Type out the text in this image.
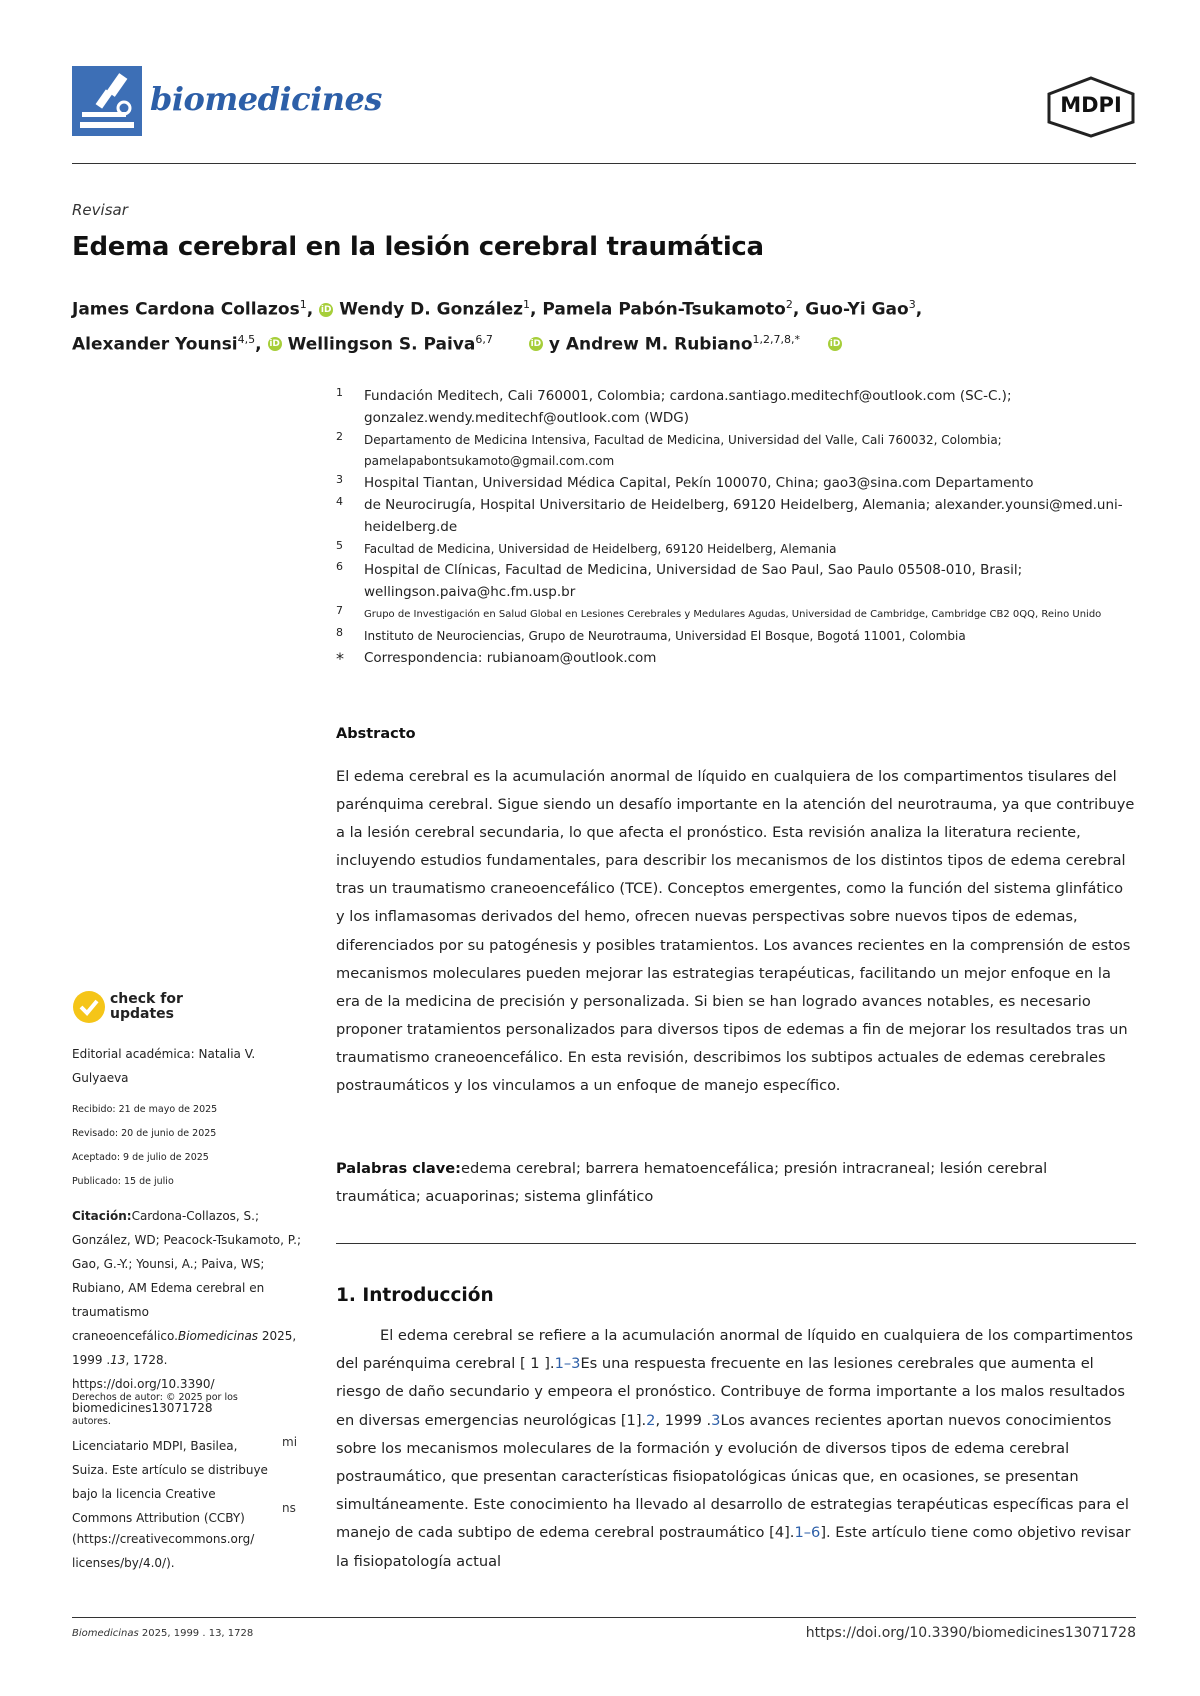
biomedicines	MDPI
Revisar
Edema cerebral en la lesión cerebral traumática
James Cardona Collazos$^1$, iD Wendy D. González$^1$, Pamela Pabón-Tsukamoto$^2$, Guo-Yi Gao$^3$,
Alexander Younsi$^{4,5}$, iD Wellingson S. Paiva$^{6,7}$	iD y Andrew M. Rubiano$^{1,2,7,8,*}$	iD
1 Fundación Meditech, Cali 760001, Colombia; cardona.santiago.meditechf@outlook.com (SC-C.); gonzalez.wendy.meditechf@outlook.com (WDG)
2 Departamento de Medicina Intensiva, Facultad de Medicina, Universidad del Valle, Cali 760032, Colombia; pamelapabontsukamoto@gmail.com.com
3 Hospital Tiantan, Universidad Médica Capital, Pekín 100070, China; gao3@sina.com Departamento
4 de Neurocirugía, Hospital Universitario de Heidelberg, 69120 Heidelberg, Alemania; alexander.younsi@med.uni-heidelberg.de
5 Facultad de Medicina, Universidad de Heidelberg, 69120 Heidelberg, Alemania
6 Hospital de Clínicas, Facultad de Medicina, Universidad de Sao Paul, Sao Paulo 05508-010, Brasil; wellingson.paiva@hc.fm.usp.br
7 Grupo de Investigación en Salud Global en Lesiones Cerebrales y Medulares Agudas, Universidad de Cambridge, Cambridge CB2 0QQ, Reino Unido
8 Instituto de Neurociencias, Grupo de Neurotrauma, Universidad El Bosque, Bogotá 11001, Colombia
* Correspondencia: rubianoam@outlook.com
Abstracto
El edema cerebral es la acumulación anormal de líquido en cualquiera de los compartimentos tisulares del parénquima cerebral. Sigue siendo un desafío importante en la atención del neurotrauma, ya que contribuye a la lesión cerebral secundaria, lo que afecta el pronóstico. Esta revisión analiza la literatura reciente, incluyendo estudios fundamentales, para describir los mecanismos de los distintos tipos de edema cerebral tras un traumatismo craneoencefálico (TCE). Conceptos emergentes, como la función del sistema glinfático y los inflamasomas derivados del hemo, ofrecen nuevas perspectivas sobre nuevos tipos de edemas, diferenciados por su patogénesis y posibles tratamientos. Los avances recientes en la comprensión de estos mecanismos moleculares pueden mejorar las estrategias terapéuticas, facilitando un mejor enfoque en la era de la medicina de precisión y personalizada. Si bien se han logrado avances notables, es necesario proponer tratamientos personalizados para diversos tipos de edemas a fin de mejorar los resultados tras un traumatismo craneoencefálico. En esta revisión, describimos los subtipos actuales de edemas cerebrales postraumáticos y los vinculamos a un enfoque de manejo específico.
Palabras clave:edema cerebral; barrera hematoencefálica; presión intracraneal; lesión cerebral traumática; acuaporinas; sistema glinfático
1. Introducción
El edema cerebral se refiere a la acumulación anormal de líquido en cualquiera de los compartimentos del parénquima cerebral [ 1 ].1–3Es una respuesta frecuente en las lesiones cerebrales que aumenta el riesgo de daño secundario y empeora el pronóstico. Contribuye de forma importante a los malos resultados en diversas emergencias neurológicas [1].2, 1999 .3Los avances recientes aportan nuevos conocimientos sobre los mecanismos moleculares de la formación y evolución de diversos tipos de edema cerebral postraumático, que presentan características fisiopatológicas únicas que, en ocasiones, se presentan simultáneamente. Este conocimiento ha llevado al desarrollo de estrategias terapéuticas específicas para el manejo de cada subtipo de edema cerebral postraumático [4].1–6]. Este artículo tiene como objetivo revisar la fisiopatología actual
check for updates
Editorial académica: Natalia V. Gulyaeva
Recibido: 21 de mayo de 2025
Revisado: 20 de junio de 2025
Aceptado: 9 de julio de 2025
Publicado: 15 de julio
Citación:Cardona-Collazos, S.; González, WD; Peacock-Tsukamoto, P.; Gao, G.-Y.; Younsi, A.; Paiva, WS; Rubiano, AM Edema cerebral en traumatismo craneoencefálico.Biomedicinas 2025, 1999 .13, 1728. https://doi.org/10.3390/ biomedicines13071728
Derechos de autor: © 2025 por los autores.
Licenciatario MDPI, Basilea, Suiza. Este artículo se distribuye bajo la licencia Creative Commons Attribution (CCBY)
mi
ns
(https://creativecommons.org/ licenses/by/4.0/).
Biomedicinas 2025, 1999 . 13, 1728	https://doi.org/10.3390/biomedicines13071728
